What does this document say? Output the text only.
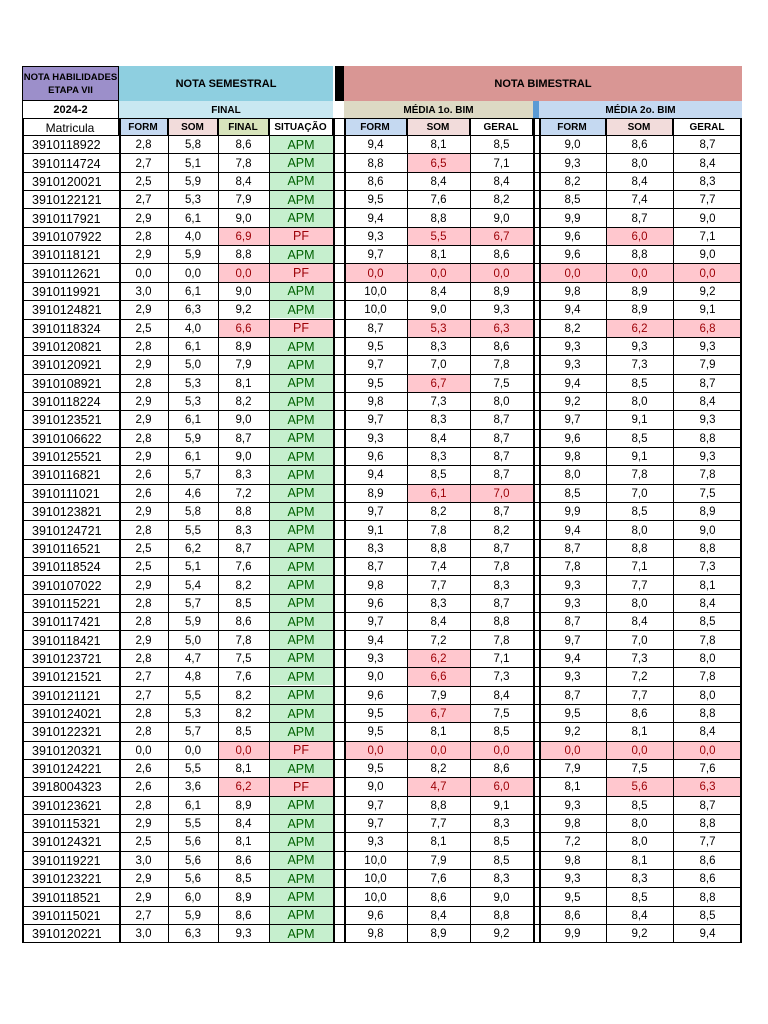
NOTA HABILIDADES
ETAPA VII
NOTA SEMESTRAL	NOTA BIMESTRAL
2024-2	FINAL	MÉDIA 1o. BIM	MÉDIA 2o. BIM
Matricula	FORM	SOM	FINAL	SITUAÇÃO	FORM	SOM	GERAL	FORM	SOM	GERAL
3910118922	2,8	5,8	8,6	APM	9,4	8,1	8,5	9,0	8,6	8,7
3910114724	2,7	5,1	7,8	APM	8,8	6,5	7,1	9,3	8,0	8,4
3910120021	2,5	5,9	8,4	APM	8,6	8,4	8,4	8,2	8,4	8,3
3910122121	2,7	5,3	7,9	APM	9,5	7,6	8,2	8,5	7,4	7,7
3910117921	2,9	6,1	9,0	APM	9,4	8,8	9,0	9,9	8,7	9,0
3910107922	2,8	4,0	6,9	PF	9,3	5,5	6,7	9,6	6,0	7,1
3910118121	2,9	5,9	8,8	APM	9,7	8,1	8,6	9,6	8,8	9,0
3910112621	0,0	0,0	0,0	PF	0,0	0,0	0,0	0,0	0,0	0,0
3910119921	3,0	6,1	9,0	APM	10,0	8,4	8,9	9,8	8,9	9,2
3910124821	2,9	6,3	9,2	APM	10,0	9,0	9,3	9,4	8,9	9,1
3910118324	2,5	4,0	6,6	PF	8,7	5,3	6,3	8,2	6,2	6,8
3910120821	2,8	6,1	8,9	APM	9,5	8,3	8,6	9,3	9,3	9,3
3910120921	2,9	5,0	7,9	APM	9,7	7,0	7,8	9,3	7,3	7,9
3910108921	2,8	5,3	8,1	APM	9,5	6,7	7,5	9,4	8,5	8,7
3910118224	2,9	5,3	8,2	APM	9,8	7,3	8,0	9,2	8,0	8,4
3910123521	2,9	6,1	9,0	APM	9,7	8,3	8,7	9,7	9,1	9,3
3910106622	2,8	5,9	8,7	APM	9,3	8,4	8,7	9,6	8,5	8,8
3910125521	2,9	6,1	9,0	APM	9,6	8,3	8,7	9,8	9,1	9,3
3910116821	2,6	5,7	8,3	APM	9,4	8,5	8,7	8,0	7,8	7,8
3910111021	2,6	4,6	7,2	APM	8,9	6,1	7,0	8,5	7,0	7,5
3910123821	2,9	5,8	8,8	APM	9,7	8,2	8,7	9,9	8,5	8,9
3910124721	2,8	5,5	8,3	APM	9,1	7,8	8,2	9,4	8,0	9,0
3910116521	2,5	6,2	8,7	APM	8,3	8,8	8,7	8,7	8,8	8,8
3910118524	2,5	5,1	7,6	APM	8,7	7,4	7,8	7,8	7,1	7,3
3910107022	2,9	5,4	8,2	APM	9,8	7,7	8,3	9,3	7,7	8,1
3910115221	2,8	5,7	8,5	APM	9,6	8,3	8,7	9,3	8,0	8,4
3910117421	2,8	5,9	8,6	APM	9,7	8,4	8,8	8,7	8,4	8,5
3910118421	2,9	5,0	7,8	APM	9,4	7,2	7,8	9,7	7,0	7,8
3910123721	2,8	4,7	7,5	APM	9,3	6,2	7,1	9,4	7,3	8,0
3910121521	2,7	4,8	7,6	APM	9,0	6,6	7,3	9,3	7,2	7,8
3910121121	2,7	5,5	8,2	APM	9,6	7,9	8,4	8,7	7,7	8,0
3910124021	2,8	5,3	8,2	APM	9,5	6,7	7,5	9,5	8,6	8,8
3910122321	2,8	5,7	8,5	APM	9,5	8,1	8,5	9,2	8,1	8,4
3910120321	0,0	0,0	0,0	PF	0,0	0,0	0,0	0,0	0,0	0,0
3910124221	2,6	5,5	8,1	APM	9,5	8,2	8,6	7,9	7,5	7,6
3918004323	2,6	3,6	6,2	PF	9,0	4,7	6,0	8,1	5,6	6,3
3910123621	2,8	6,1	8,9	APM	9,7	8,8	9,1	9,3	8,5	8,7
3910115321	2,9	5,5	8,4	APM	9,7	7,7	8,3	9,8	8,0	8,8
3910124321	2,5	5,6	8,1	APM	9,3	8,1	8,5	7,2	8,0	7,7
3910119221	3,0	5,6	8,6	APM	10,0	7,9	8,5	9,8	8,1	8,6
3910123221	2,9	5,6	8,5	APM	10,0	7,6	8,3	9,3	8,3	8,6
3910118521	2,9	6,0	8,9	APM	10,0	8,6	9,0	9,5	8,5	8,8
3910115021	2,7	5,9	8,6	APM	9,6	8,4	8,8	8,6	8,4	8,5
3910120221	3,0	6,3	9,3	APM	9,8	8,9	9,2	9,9	9,2	9,4
